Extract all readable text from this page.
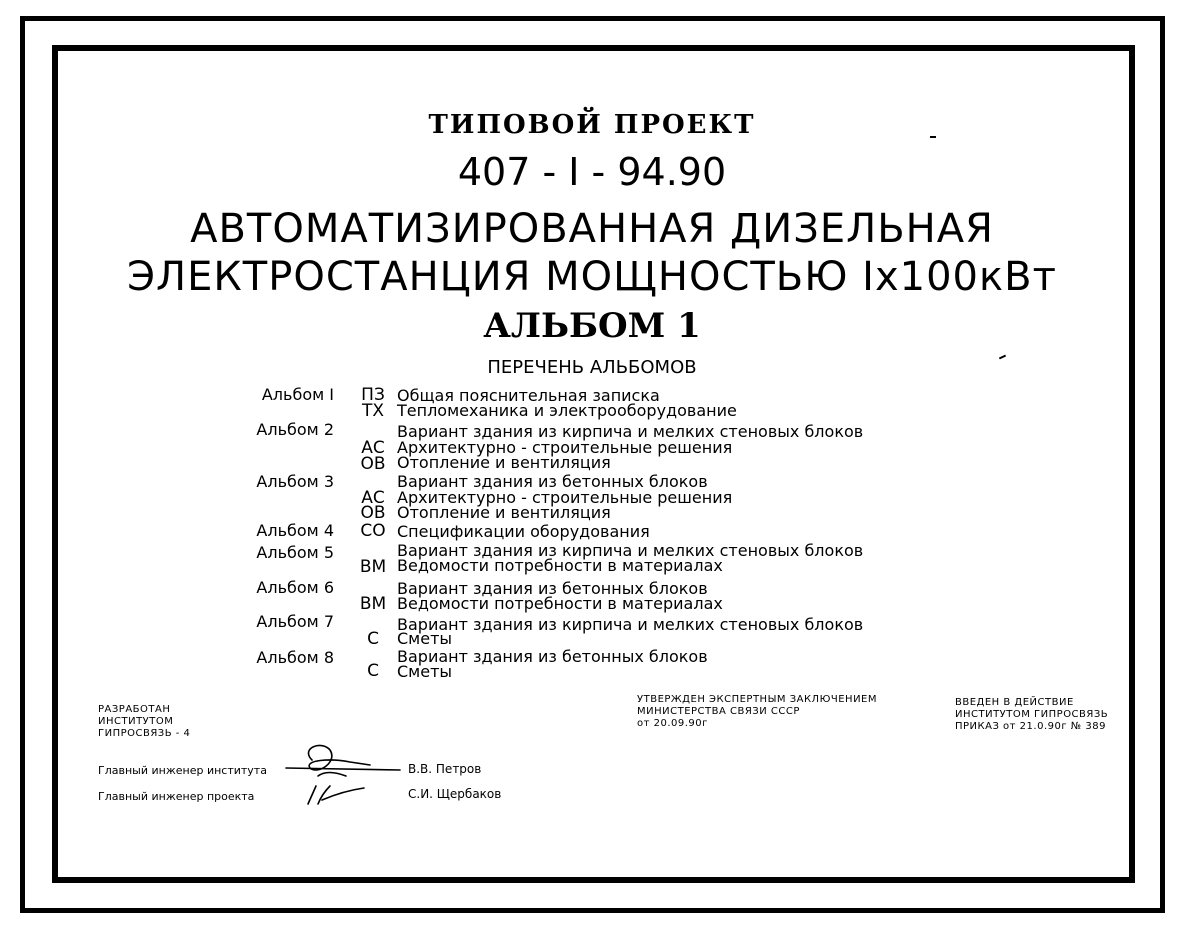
ТИПОВОЙ ПРОЕКТ
407 - I - 94.90
АВТОМАТИЗИРОВАННАЯ ДИЗЕЛЬНАЯ
ЭЛЕКТРОСТАНЦИЯ МОЩНОСТЬЮ Iх100кВт
АЛЬБОМ 1
ПЕРЕЧЕНЬ АЛЬБОМОВ
Альбом I	ПЗ Общая пояснительная записка
ТХ Тепломеханика и электрооборудование
Альбом 2	Вариант здания из кирпича и мелких стеновых блоков
АС Архитектурно - строительные решения
ОВ Отопление и вентиляция
Альбом 3	Вариант здания из бетонных блоков
АС Архитектурно - строительные решения
ОВ Отопление и вентиляция
Альбом 4	СО Спецификации оборудования
Альбом 5	Вариант здания из кирпича и мелких стеновых блоков
ВМ Ведомости потребности в материалах
Альбом 6	Вариант здания из бетонных блоков
ВМ Ведомости потребности в материалах
Альбом 7	Вариант здания из кирпича и мелких стеновых блоков
С	Сметы
Альбом 8	Вариант здания из бетонных блоков
С	Сметы
РАЗРАБОТАН
ИНСТИТУТОМ
ГИПРОСВЯЗЬ - 4
УТВЕРЖДЕН ЭКСПЕРТНЫМ ЗАКЛЮЧЕНИЕМ
МИНИСТЕРСТВА СВЯЗИ СССР
от 20.09.90г
ВВЕДЕН В ДЕЙСТВИЕ
ИНСТИТУТОМ ГИПРОСВЯЗЬ
ПРИКАЗ от 21.0.90г № 389
Главный инженер института	В.В. Петров
Главный инженер проекта	С.И. Щербаков
